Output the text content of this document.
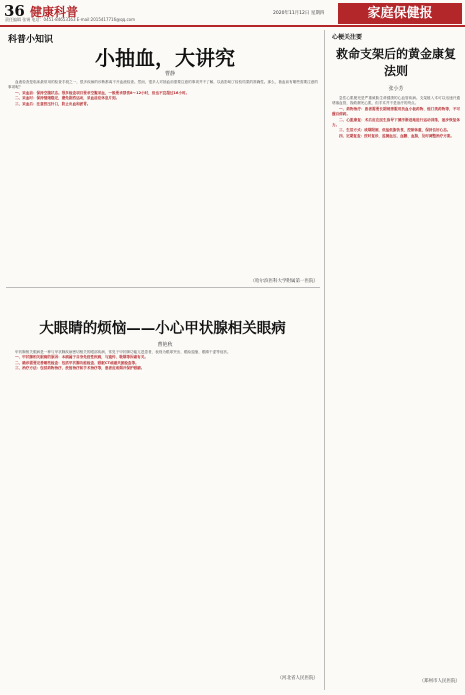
36 健康科普
责任编辑 张锡 电话：0451-84653163 E-mail:2015417716@qq.com
2020年11月12日 星期四	家庭保健报
科普小知识
小抽血，大讲究
曹静

血液检查是临床最常用的检查手段之一，很多疾病的诊断都离不开血液检查。然而，很多人对抽血前需要注意的事项并不了解，以致影响了检验结果的准确性。那么，抽血前有哪些需要注意的事项呢？

一、采血前：保持空腹状态。很多检查项目要求空腹采血，一般要求禁食8～12小时，但也不宜超过16小时。

二、采血时：保持情绪稳定，避免剧烈运动，采血前应休息片刻。

三、采血后：注意按压针口，防止出血和淤青。

（哈尔滨医科大学附属第一医院）
大眼睛的烦恼——小心甲状腺相关眼病
曹艳秋

甲状腺相关眼病是一种与甲状腺疾病密切相关的眼部疾病，常见于甲状腺功能亢进患者，表现为眼球突出、眼睑退缩、眼睛干涩等症状。

一、甲状腺相关眼病的原因：本病属于自身免疫性疾病，与遗传、吸烟等因素有关。

二、确诊需要完善哪些检查：包括甲状腺功能检查、眼眶CT或磁共振检查等。

三、治疗方法：包括药物治疗、放射治疗和手术治疗等，患者应戒烟并保护眼睛。

（河北省人民医院）
心梗关注要
救命支架后的黄金康复法则
张小芳

急性心肌梗死是严重威胁生命健康的心血管疾病。支架植入术可以迅速开通堵塞血管，挽救濒死心肌，但手术并不是治疗的终点。

一、药物治疗：患者需要长期规律服用抗血小板药物、他汀类药物等，不可擅自停药。

二、心脏康复：术后应在医生指导下循序渐进地进行运动训练，逐步恢复体力。

三、生活方式：戒烟限酒，低盐低脂饮食，控制体重，保持良好心态。

四、定期复查：按时复诊，监测血压、血糖、血脂，及时调整治疗方案。

（郑州市人民医院）
